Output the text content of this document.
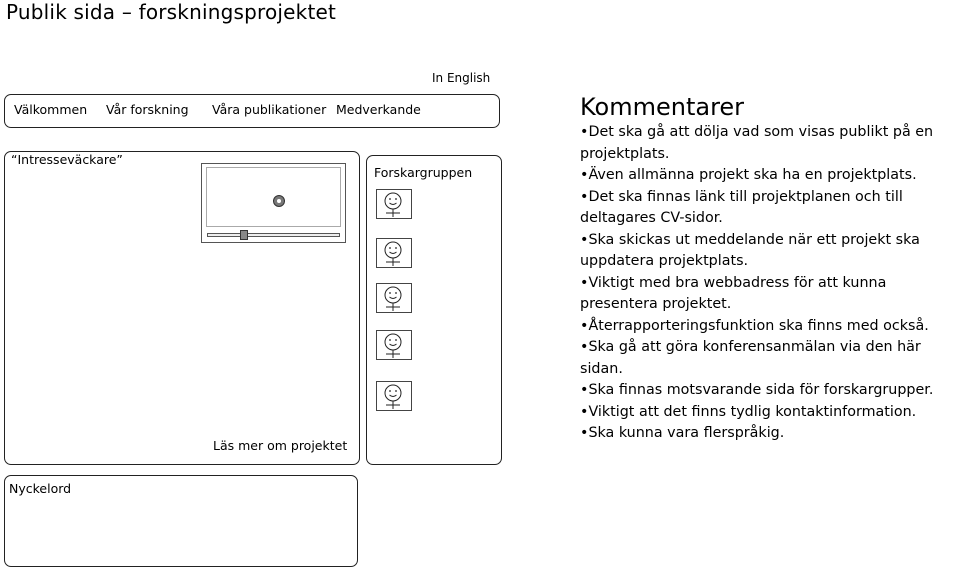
Publik sida – forskningsprojektet
In English
Välkommen Vår forskning Våra publikationer Medverkande
“Intresseväckare”
Läs mer om projektet
Forskargruppen
Nyckelord
Kommentarer
• Det ska gå att dölja vad som visas publikt på en projektplats.
• Även allmänna projekt ska ha en projektplats.
• Det ska finnas länk till projektplanen och till deltagares CV-sidor.
• Ska skickas ut meddelande när ett projekt ska uppdatera projektplats.
• Viktigt med bra webbadress för att kunna presentera projektet.
• Återrapporteringsfunktion ska finns med också.
• Ska gå att göra konferensanmälan via den här sidan.
• Ska finnas motsvarande sida för forskargrupper.
• Viktigt att det finns tydlig kontaktinformation.
• Ska kunna vara flerspråkig.
